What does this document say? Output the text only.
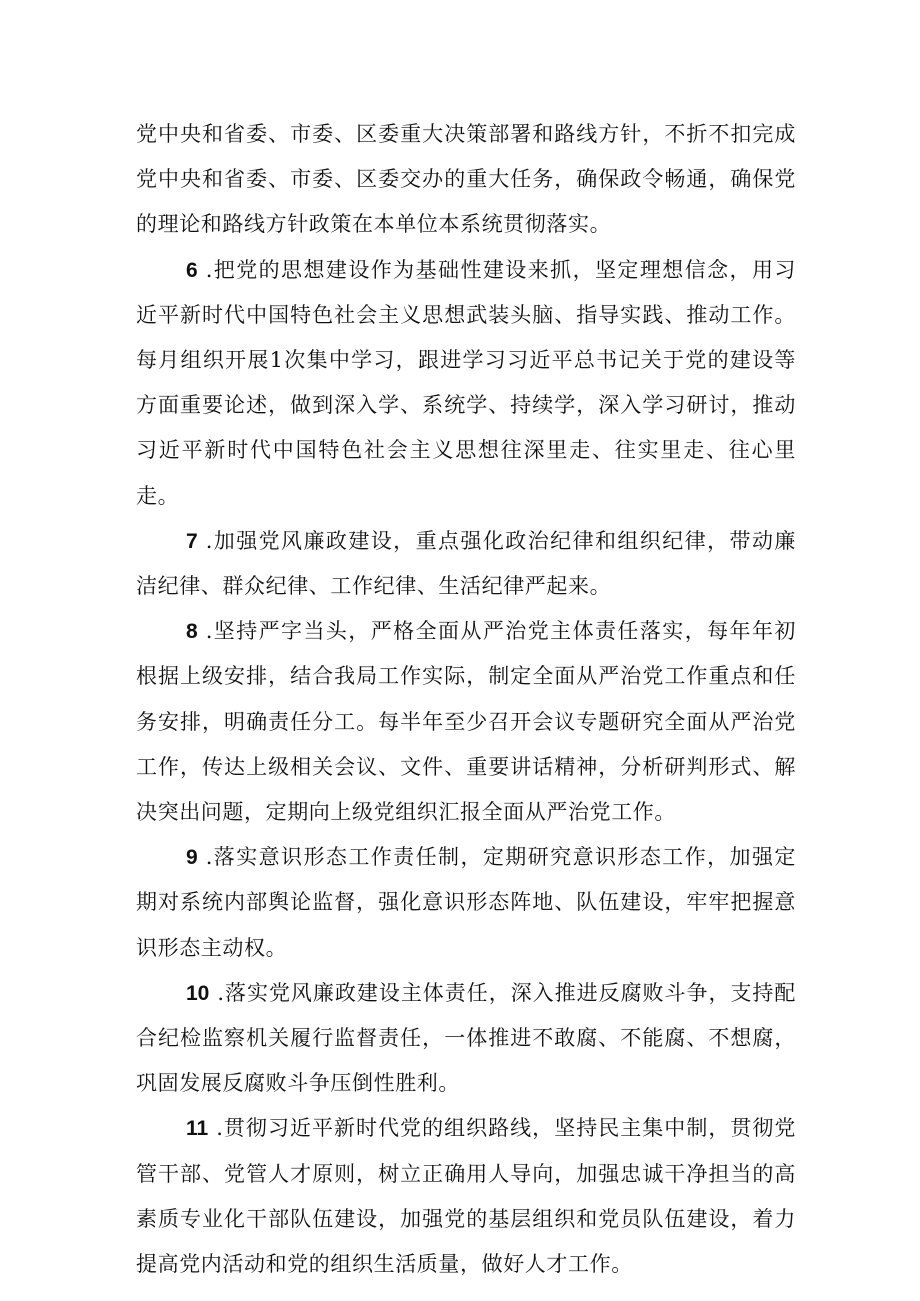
党中央和省委、市委、区委重大决策部署和路线方针，不折不扣完成党中央和省委、市委、区委交办的重大任务，确保政令畅通，确保党的理论和路线方针政策在本单位本系统贯彻落实。

6 .把党的思想建设作为基础性建设来抓，坚定理想信念，用习近平新时代中国特色社会主义思想武装头脑、指导实践、推动工作。每月组织开展1次集中学习，跟进学习习近平总书记关于党的建设等方面重要论述，做到深入学、系统学、持续学，深入学习研讨，推动习近平新时代中国特色社会主义思想往深里走、往实里走、往心里走。

7 .加强党风廉政建设，重点强化政治纪律和组织纪律，带动廉洁纪律、群众纪律、工作纪律、生活纪律严起来。

8 .坚持严字当头，严格全面从严治党主体责任落实，每年年初根据上级安排，结合我局工作实际，制定全面从严治党工作重点和任务安排，明确责任分工。每半年至少召开会议专题研究全面从严治党工作，传达上级相关会议、文件、重要讲话精神，分析研判形式、解决突出问题，定期向上级党组织汇报全面从严治党工作。

9 .落实意识形态工作责任制，定期研究意识形态工作，加强定期对系统内部舆论监督，强化意识形态阵地、队伍建设，牢牢把握意识形态主动权。

10 .落实党风廉政建设主体责任，深入推进反腐败斗争，支持配合纪检监察机关履行监督责任，一体推进不敢腐、不能腐、不想腐，巩固发展反腐败斗争压倒性胜利。

11 .贯彻习近平新时代党的组织路线，坚持民主集中制，贯彻党管干部、党管人才原则，树立正确用人导向，加强忠诚干净担当的高素质专业化干部队伍建设，加强党的基层组织和党员队伍建设，着力提高党内活动和党的组织生活质量，做好人才工作。
